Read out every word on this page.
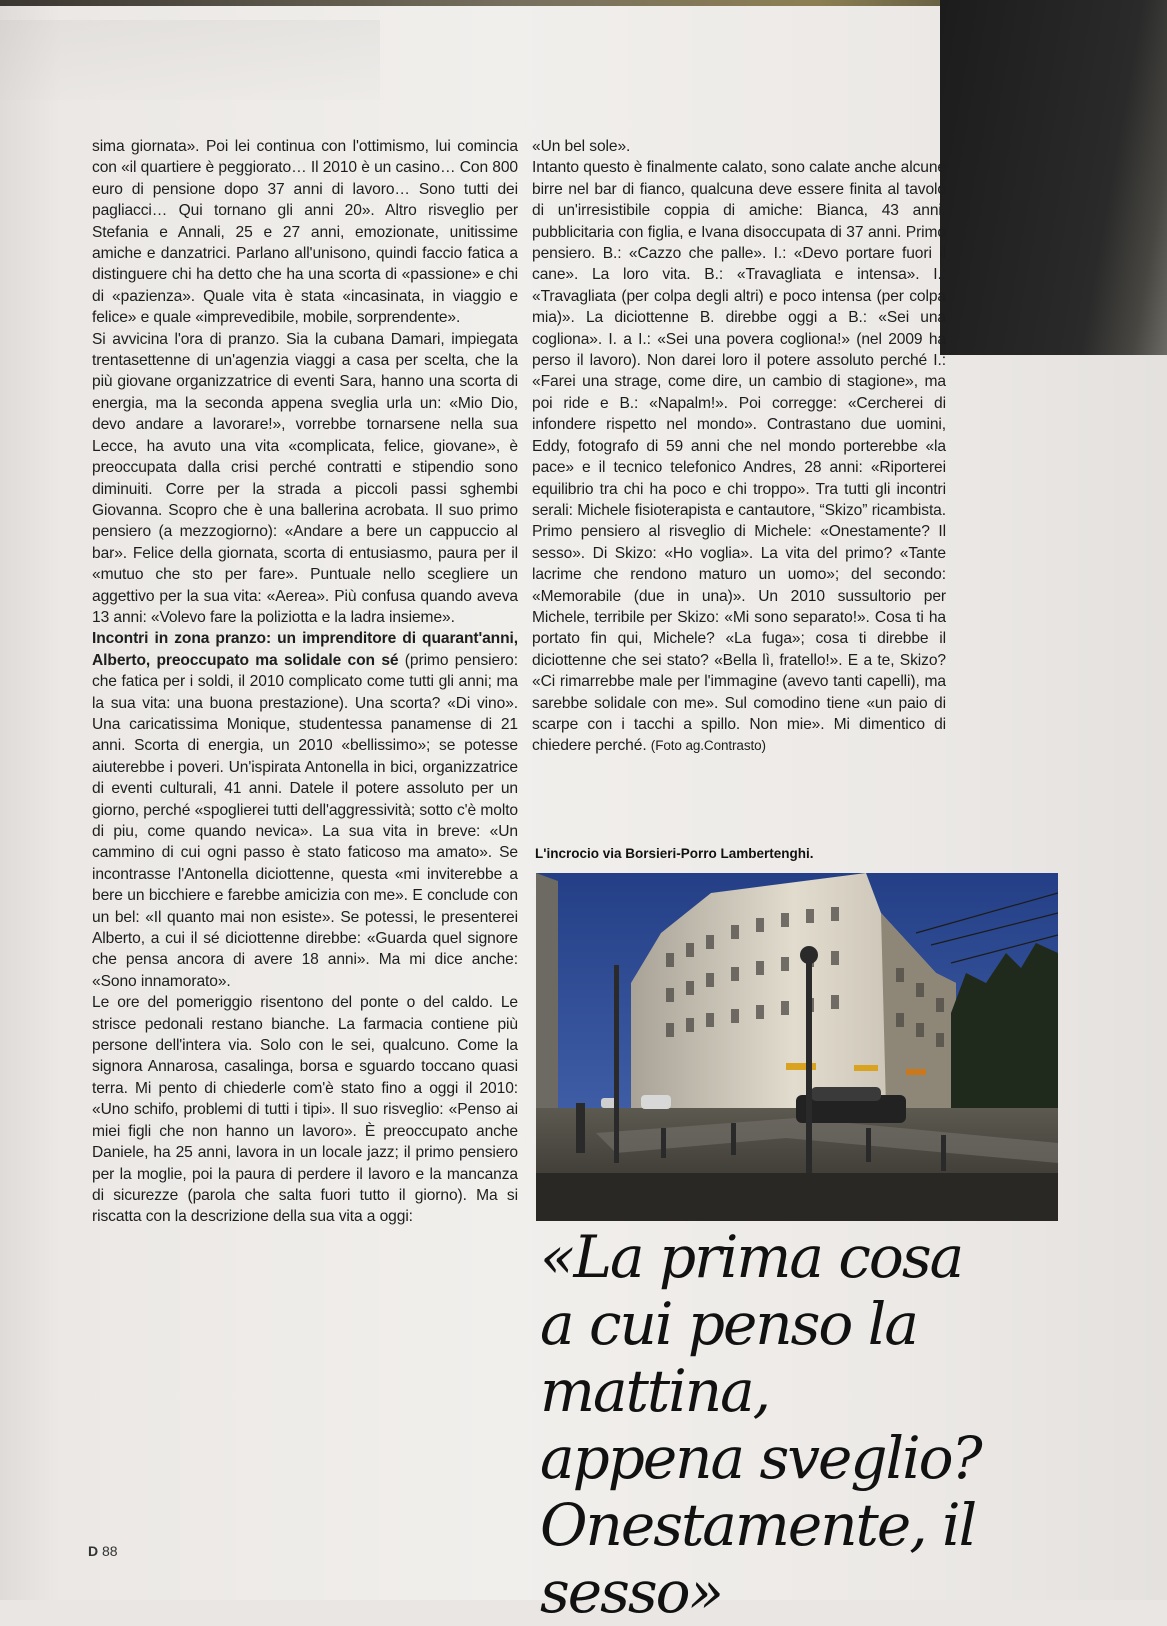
sima giornata». Poi lei continua con l'ottimismo, lui comincia con «il quartiere è peggiorato… Il 2010 è un casino… Con 800 euro di pensione dopo 37 anni di lavoro… Sono tutti dei pagliacci… Qui tornano gli anni 20». Altro risveglio per Stefania e Annali, 25 e 27 anni, emozionate, unitissime amiche e danzatrici. Parlano all'unisono, quindi faccio fatica a distinguere chi ha detto che ha una scorta di «passione» e chi di «pazienza». Quale vita è stata «incasinata, in viaggio e felice» e quale «imprevedibile, mobile, sorprendente».

Si avvicina l'ora di pranzo. Sia la cubana Damari, impiegata trentasettenne di un'agenzia viaggi a casa per scelta, che la più giovane organizzatrice di eventi Sara, hanno una scorta di energia, ma la seconda appena sveglia urla un: «Mio Dio, devo andare a lavorare!», vorrebbe tornarsene nella sua Lecce, ha avuto una vita «complicata, felice, giovane», è preoccupata dalla crisi perché contratti e stipendio sono diminuiti. Corre per la strada a piccoli passi sghembi Giovanna. Scopro che è una ballerina acrobata. Il suo primo pensiero (a mezzogiorno): «Andare a bere un cappuccio al bar». Felice della giornata, scorta di entusiasmo, paura per il «mutuo che sto per fare». Puntuale nello scegliere un aggettivo per la sua vita: «Aerea». Più confusa quando aveva 13 anni: «Volevo fare la poliziotta e la ladra insieme».

Incontri in zona pranzo: un imprenditore di quarant'anni, Alberto, preoccupato ma solidale con sé (primo pensiero: che fatica per i soldi, il 2010 complicato come tutti gli anni; ma la sua vita: una buona prestazione). Una scorta? «Di vino». Una caricatissima Monique, studentessa panamense di 21 anni. Scorta di energia, un 2010 «bellissimo»; se potesse aiuterebbe i poveri. Un'ispirata Antonella in bici, organizzatrice di eventi culturali, 41 anni. Datele il potere assoluto per un giorno, perché «spoglierei tutti dell'aggressività; sotto c'è molto di piu, come quando nevica». La sua vita in breve: «Un cammino di cui ogni passo è stato faticoso ma amato». Se incontrasse l'Antonella diciottenne, questa «mi inviterebbe a bere un bicchiere e farebbe amicizia con me». E conclude con un bel: «Il quanto mai non esiste». Se potessi, le presenterei Alberto, a cui il sé diciottenne direbbe: «Guarda quel signore che pensa ancora di avere 18 anni». Ma mi dice anche: «Sono innamorato».

Le ore del pomeriggio risentono del ponte o del caldo. Le strisce pedonali restano bianche. La farmacia contiene più persone dell'intera via. Solo con le sei, qualcuno. Come la signora Annarosa, casalinga, borsa e sguardo toccano quasi terra. Mi pento di chiederle com'è stato fino a oggi il 2010: «Uno schifo, problemi di tutti i tipi». Il suo risveglio: «Penso ai miei figli che non hanno un lavoro». È preoccupato anche Daniele, ha 25 anni, lavora in un locale jazz; il primo pensiero per la moglie, poi la paura di perdere il lavoro e la mancanza di sicurezze (parola che salta fuori tutto il giorno). Ma si riscatta con la descrizione della sua vita a oggi:

«Un bel sole».

Intanto questo è finalmente calato, sono calate anche alcune birre nel bar di fianco, qualcuna deve essere finita al tavolo di un'irresistibile coppia di amiche: Bianca, 43 anni, pubblicitaria con figlia, e Ivana disoccupata di 37 anni. Primo pensiero. B.: «Cazzo che palle». I.: «Devo portare fuori il cane». La loro vita. B.: «Travagliata e intensa». I.: «Travagliata (per colpa degli altri) e poco intensa (per colpa mia)». La diciottenne B. direbbe oggi a B.: «Sei una cogliona». I. a I.: «Sei una povera cogliona!» (nel 2009 ha perso il lavoro). Non darei loro il potere assoluto perché I.: «Farei una strage, come dire, un cambio di stagione», ma poi ride e B.: «Napalm!». Poi corregge: «Cercherei di infondere rispetto nel mondo». Contrastano due uomini, Eddy, fotografo di 59 anni che nel mondo porterebbe «la pace» e il tecnico telefonico Andres, 28 anni: «Riporterei equilibrio tra chi ha poco e chi troppo». Tra tutti gli incontri serali: Michele fisioterapista e cantautore, “Skizo” ricambista. Primo pensiero al risveglio di Michele: «Onestamente? Il sesso». Di Skizo: «Ho voglia». La vita del primo? «Tante lacrime che rendono maturo un uomo»; del secondo: «Memorabile (due in una)». Un 2010 sussultorio per Michele, terribile per Skizo: «Mi sono separato!». Cosa ti ha portato fin qui, Michele? «La fuga»; cosa ti direbbe il diciottenne che sei stato? «Bella lì, fratello!». E a te, Skizo? «Ci rimarrebbe male per l'immagine (avevo tanti capelli), ma sarebbe solidale con me». Sul comodino tiene «un paio di scarpe con i tacchi a spillo. Non mie». Mi dimentico di chiedere perché. (Foto ag.Contrasto)

L'incrocio via Borsieri-Porro Lambertenghi.
«La prima cosa
a cui penso la mattina,
appena sveglio?
Onestamente, il sesso»
D 88
